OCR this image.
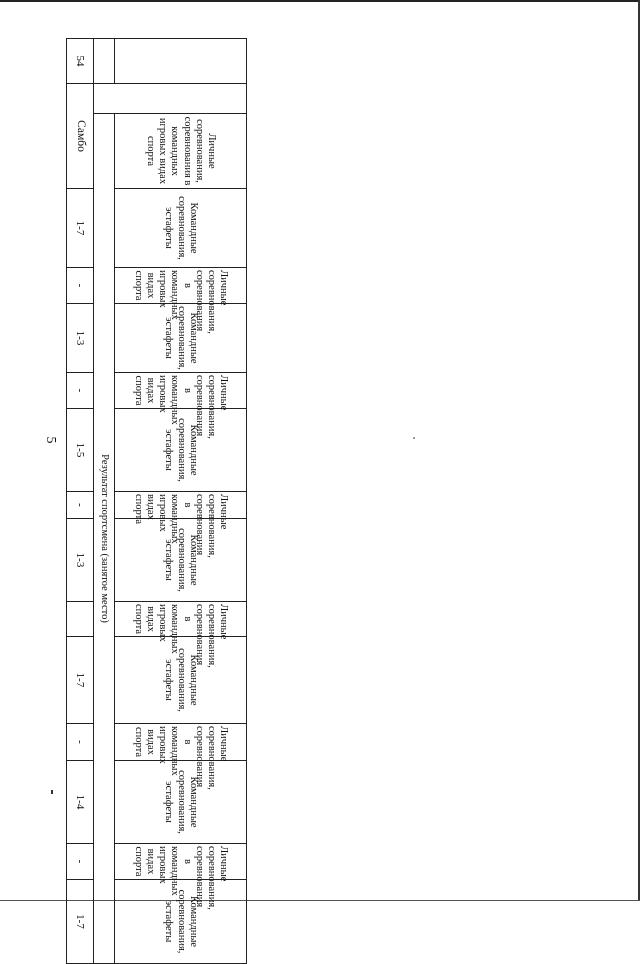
5

		Личные соревнования, соревнования в командных игровых видах спорта	Командные соревнования, эстафеты	Личные соревнования, соревнования в командных игровых видах спорта	Командные соревнования, эстафеты	Личные соревнования, соревнования в командных игровых видах спорта	Командные соревнования, эстафеты	Личные соревнования, соревнования в командных игровых видах спорта	Командные соревнования, эстафеты	Личные соревнования, соревнования в командных игровых видах спорта	Командные соревнования, эстафеты	Личные соревнования, соревнования в командных игровых видах спорта	Командные соревнования, эстафеты	Личные соревнования, соревнования в командных игровых видах спорта	Командные соревнования, эстафеты	

		Результат спортсмена (занятое место)														

54	Самбо		1-7	-	1-3	-	1-5	-	1-3		1-7	-	1-4	-	1-7	
